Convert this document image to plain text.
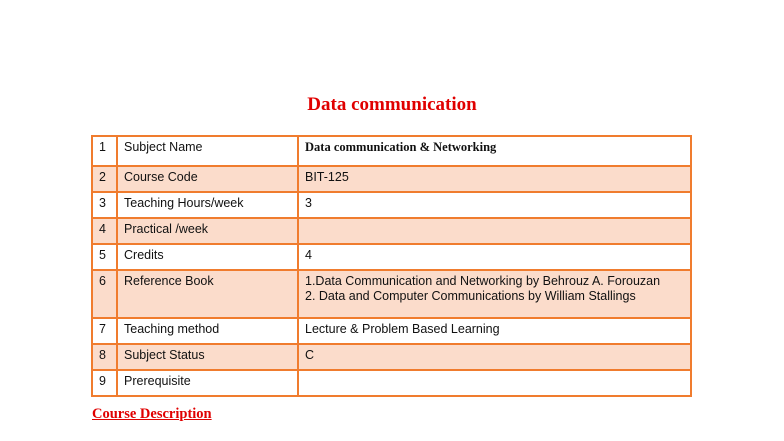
Data communication
1	Subject Name	Data communication & Networking
2	Course Code	BIT-125
3	Teaching Hours/week	3
4	Practical /week	
5	Credits	4
6	Reference Book	1.Data Communication and Networking by Behrouz A. Forouzan
2. Data and Computer Communications by William Stallings

7	Teaching method	Lecture & Problem Based Learning
8	Subject Status	C
9	Prerequisite	
Course Description
